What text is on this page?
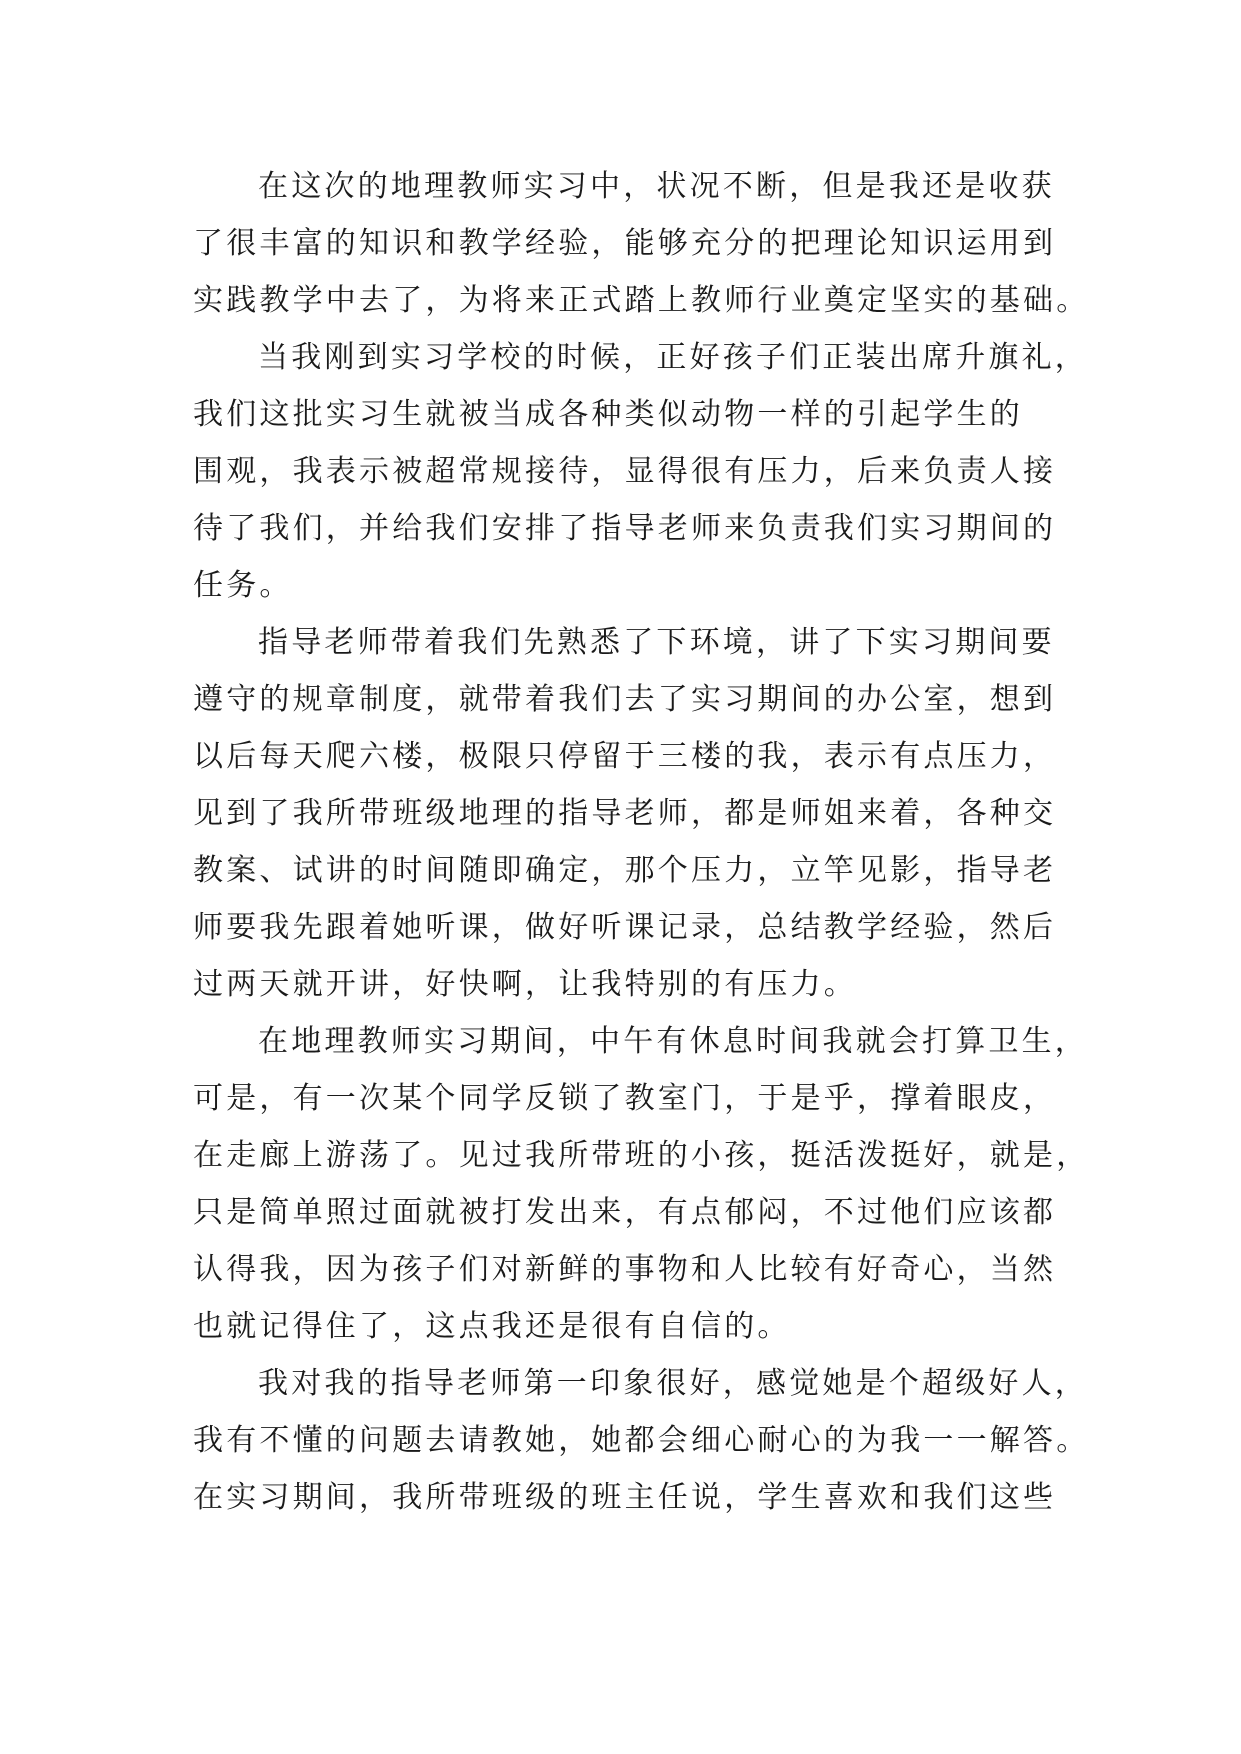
在这次的地理教师实习中，状况不断，但是我还是收获
了很丰富的知识和教学经验，能够充分的把理论知识运用到
实践教学中去了，为将来正式踏上教师行业奠定坚实的基础。
当我刚到实习学校的时候，正好孩子们正装出席升旗礼，
我们这批实习生就被当成各种类似动物一样的引起学生的
围观，我表示被超常规接待，显得很有压力，后来负责人接
待了我们，并给我们安排了指导老师来负责我们实习期间的
任务。
指导老师带着我们先熟悉了下环境，讲了下实习期间要
遵守的规章制度，就带着我们去了实习期间的办公室，想到
以后每天爬六楼，极限只停留于三楼的我，表示有点压力，
见到了我所带班级地理的指导老师，都是师姐来着，各种交
教案、试讲的时间随即确定，那个压力，立竿见影，指导老
师要我先跟着她听课，做好听课记录，总结教学经验，然后
过两天就开讲，好快啊，让我特别的有压力。
在地理教师实习期间，中午有休息时间我就会打算卫生，
可是，有一次某个同学反锁了教室门，于是乎，撑着眼皮，
在走廊上游荡了。见过我所带班的小孩，挺活泼挺好，就是，
只是简单照过面就被打发出来，有点郁闷，不过他们应该都
认得我，因为孩子们对新鲜的事物和人比较有好奇心，当然
也就记得住了，这点我还是很有自信的。
我对我的指导老师第一印象很好，感觉她是个超级好人，
我有不懂的问题去请教她，她都会细心耐心的为我一一解答。
在实习期间，我所带班级的班主任说，学生喜欢和我们这些
